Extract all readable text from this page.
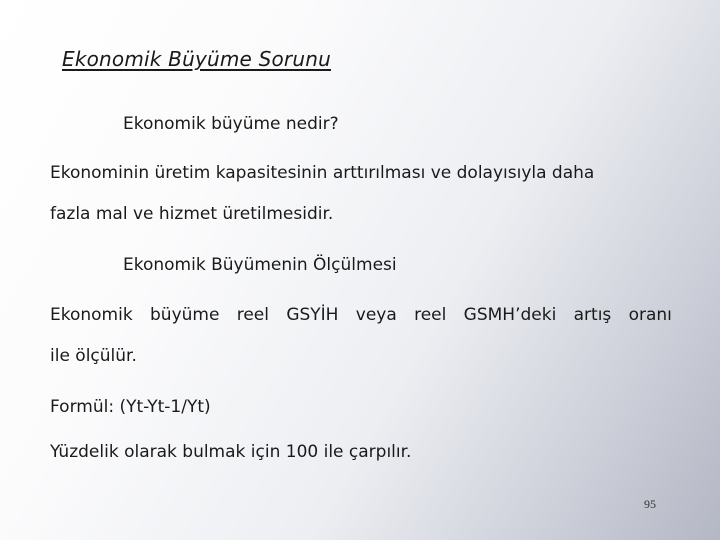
Ekonomik Büyüme Sorunu
Ekonomik büyüme nedir?
Ekonominin üretim kapasitesinin arttırılması ve dolayısıyla daha
fazla mal ve hizmet üretilmesidir.
Ekonomik Büyümenin Ölçülmesi
Ekonomik büyüme reel GSYİH veya reel GSMH’deki artış oranı
ile ölçülür.
Formül: (Yt-Yt-1/Yt)
Yüzdelik olarak bulmak için 100 ile çarpılır.
95
